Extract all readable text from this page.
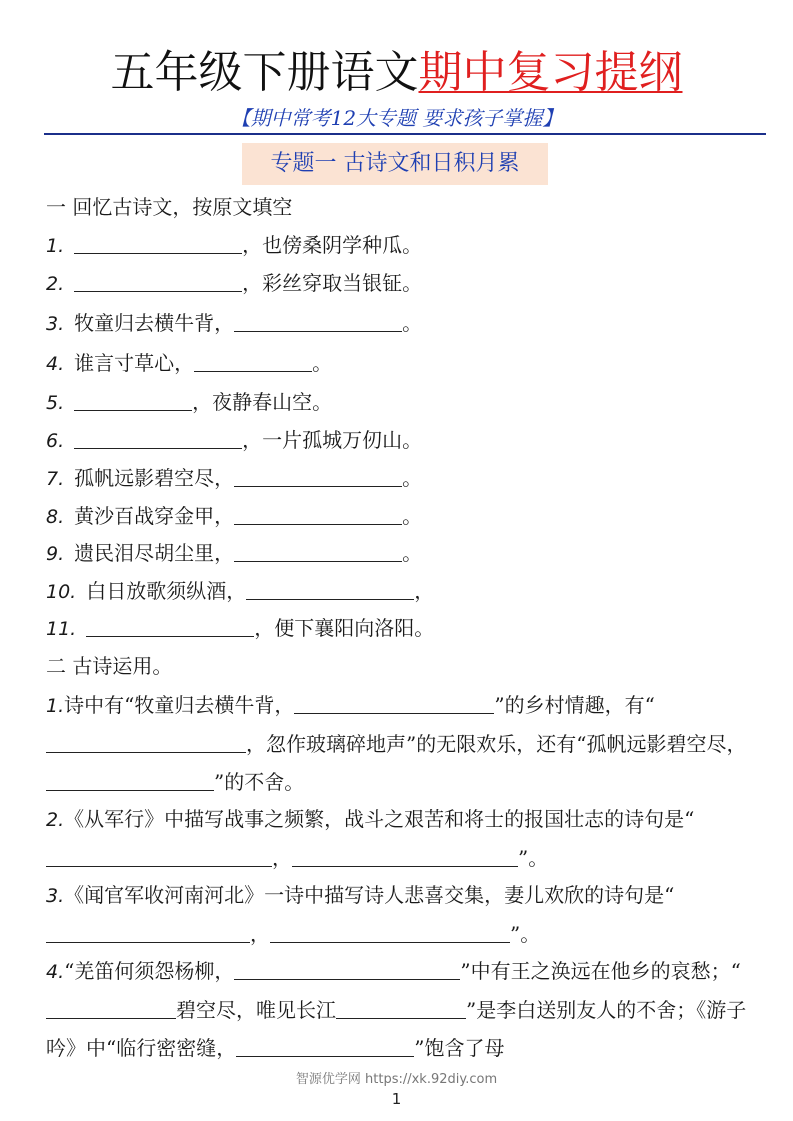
五年级下册语文期中复习提纲
【期中常考12大专题 要求孩子掌握】
专题一 古诗文和日积月累
一 回忆古诗文，按原文填空
1.	，也傍桑阴学种瓜。
2.	，彩丝穿取当银钲。
3. 牧童归去横牛背，	。
4. 谁言寸草心，	。
5.	，夜静春山空。
6.	，一片孤城万仞山。
7. 孤帆远影碧空尽，	。
8. 黄沙百战穿金甲，	。
9. 遗民泪尽胡尘里，	。
10. 白日放歌须纵酒，	，
11.	，便下襄阳向洛阳。
二 古诗运用。
1.诗中有“牧童归去横牛背，	”的乡村情趣，有“，忽作玻璃碎地声”的无限欢乐，还有“孤帆远影碧空尽，”的不舍。
2.《从军行》中描写战事之频繁，战斗之艰苦和将士的报国壮志的诗句是“，	”。
3.《闻官军收河南河北》一诗中描写诗人悲喜交集，妻儿欢欣的诗句是“，	”。
4.“羌笛何须怨杨柳，	”中有王之涣远在他乡的哀愁；“碧空尽，唯见长江	”是李白送别友人的不舍；《游子吟》中“临行密密缝，	”饱含了母
智源优学网 https://xk.92diy.com
1
